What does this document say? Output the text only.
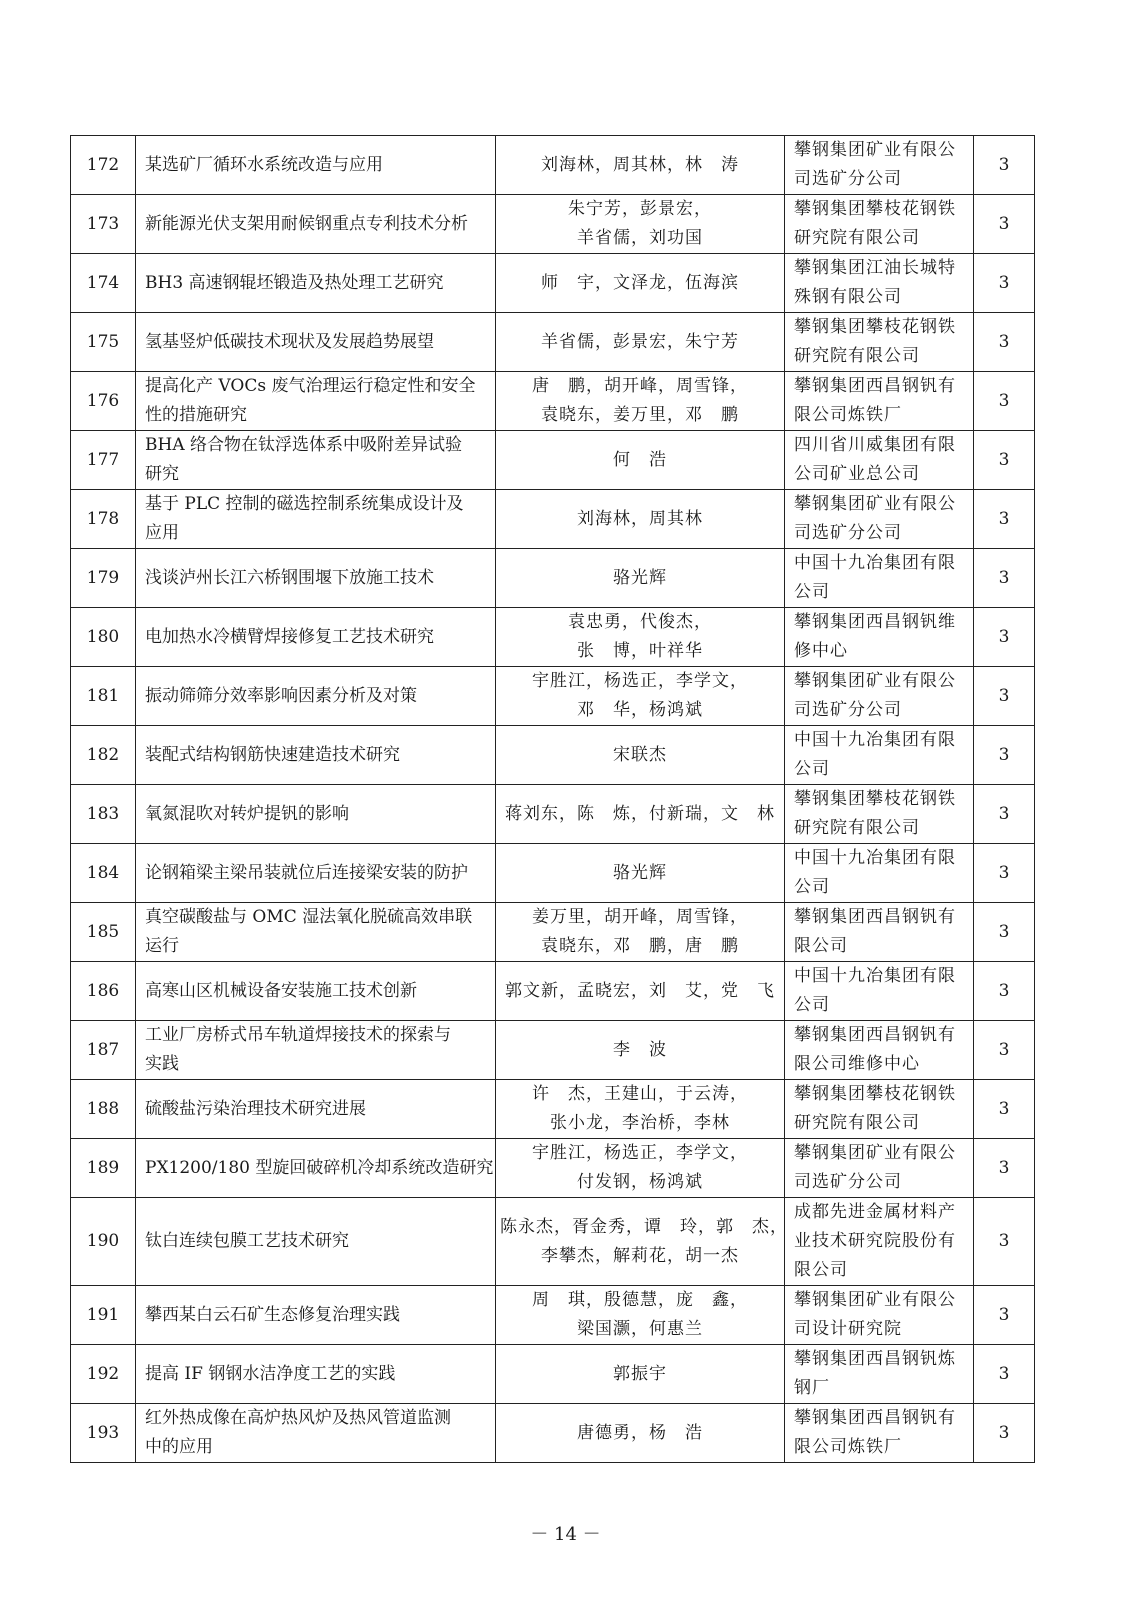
172	某选矿厂循环水系统改造与应用	刘海林，周其林，林　涛	攀钢集团矿业有限公
司选矿分公司	3
173	新能源光伏支架用耐候钢重点专利技术分析	朱宁芳，彭景宏，
羊省儒，刘功国	攀钢集团攀枝花钢铁
研究院有限公司	3
174	BH3 高速钢辊坯锻造及热处理工艺研究	师　宇，文泽龙，伍海滨	攀钢集团江油长城特
殊钢有限公司	3
175	氢基竖炉低碳技术现状及发展趋势展望	羊省儒，彭景宏，朱宁芳	攀钢集团攀枝花钢铁
研究院有限公司	3
176	提高化产 VOCs 废气治理运行稳定性和安全
性的措施研究	唐　鹏，胡开峰，周雪锋，
袁晓东，姜万里，邓　鹏	攀钢集团西昌钢钒有
限公司炼铁厂	3
177	BHA 络合物在钛浮选体系中吸附差异试验
研究	何　浩	四川省川威集团有限
公司矿业总公司	3
178	基于 PLC 控制的磁选控制系统集成设计及
应用	刘海林，周其林	攀钢集团矿业有限公
司选矿分公司	3
179	浅谈泸州长江六桥钢围堰下放施工技术	骆光辉	中国十九冶集团有限
公司	3
180	电加热水冷横臂焊接修复工艺技术研究	袁忠勇，代俊杰，
张　博，叶祥华	攀钢集团西昌钢钒维
修中心	3
181	振动筛筛分效率影响因素分析及对策	宇胜江，杨选正，李学文，
邓　华，杨鸿斌	攀钢集团矿业有限公
司选矿分公司	3
182	装配式结构钢筋快速建造技术研究	宋联杰	中国十九冶集团有限
公司	3
183	氧氮混吹对转炉提钒的影响	蒋刘东，陈　炼，付新瑞，文　林	攀钢集团攀枝花钢铁
研究院有限公司	3
184	论钢箱梁主梁吊装就位后连接梁安装的防护	骆光辉	中国十九冶集团有限
公司	3
185	真空碳酸盐与 OMC 湿法氧化脱硫高效串联
运行	姜万里，胡开峰，周雪锋，
袁晓东，邓　鹏，唐　鹏	攀钢集团西昌钢钒有
限公司	3
186	高寒山区机械设备安装施工技术创新	郭文新，孟晓宏，刘　艾，党　飞	中国十九冶集团有限
公司	3
187	工业厂房桥式吊车轨道焊接技术的探索与
实践	李　波	攀钢集团西昌钢钒有
限公司维修中心	3
188	硫酸盐污染治理技术研究进展	许　杰，王建山，于云涛，
张小龙，李治桥，李林	攀钢集团攀枝花钢铁
研究院有限公司	3
189	PX1200/180 型旋回破碎机冷却系统改造研究	宇胜江，杨选正，李学文，
付发钢，杨鸿斌	攀钢集团矿业有限公
司选矿分公司	3
190	钛白连续包膜工艺技术研究	陈永杰，胥金秀，谭　玲，郭　杰，
李攀杰，解莉花，胡一杰	成都先进金属材料产
业技术研究院股份有
限公司	3
191	攀西某白云石矿生态修复治理实践	周　琪，殷德慧，庞　鑫，
梁国灏，何惠兰	攀钢集团矿业有限公
司设计研究院	3
192	提高 IF 钢钢水洁净度工艺的实践	郭振宇	攀钢集团西昌钢钒炼
钢厂	3
193	红外热成像在高炉热风炉及热风管道监测
中的应用	唐德勇，杨　浩	攀钢集团西昌钢钒有
限公司炼铁厂	3
－ 14 －
